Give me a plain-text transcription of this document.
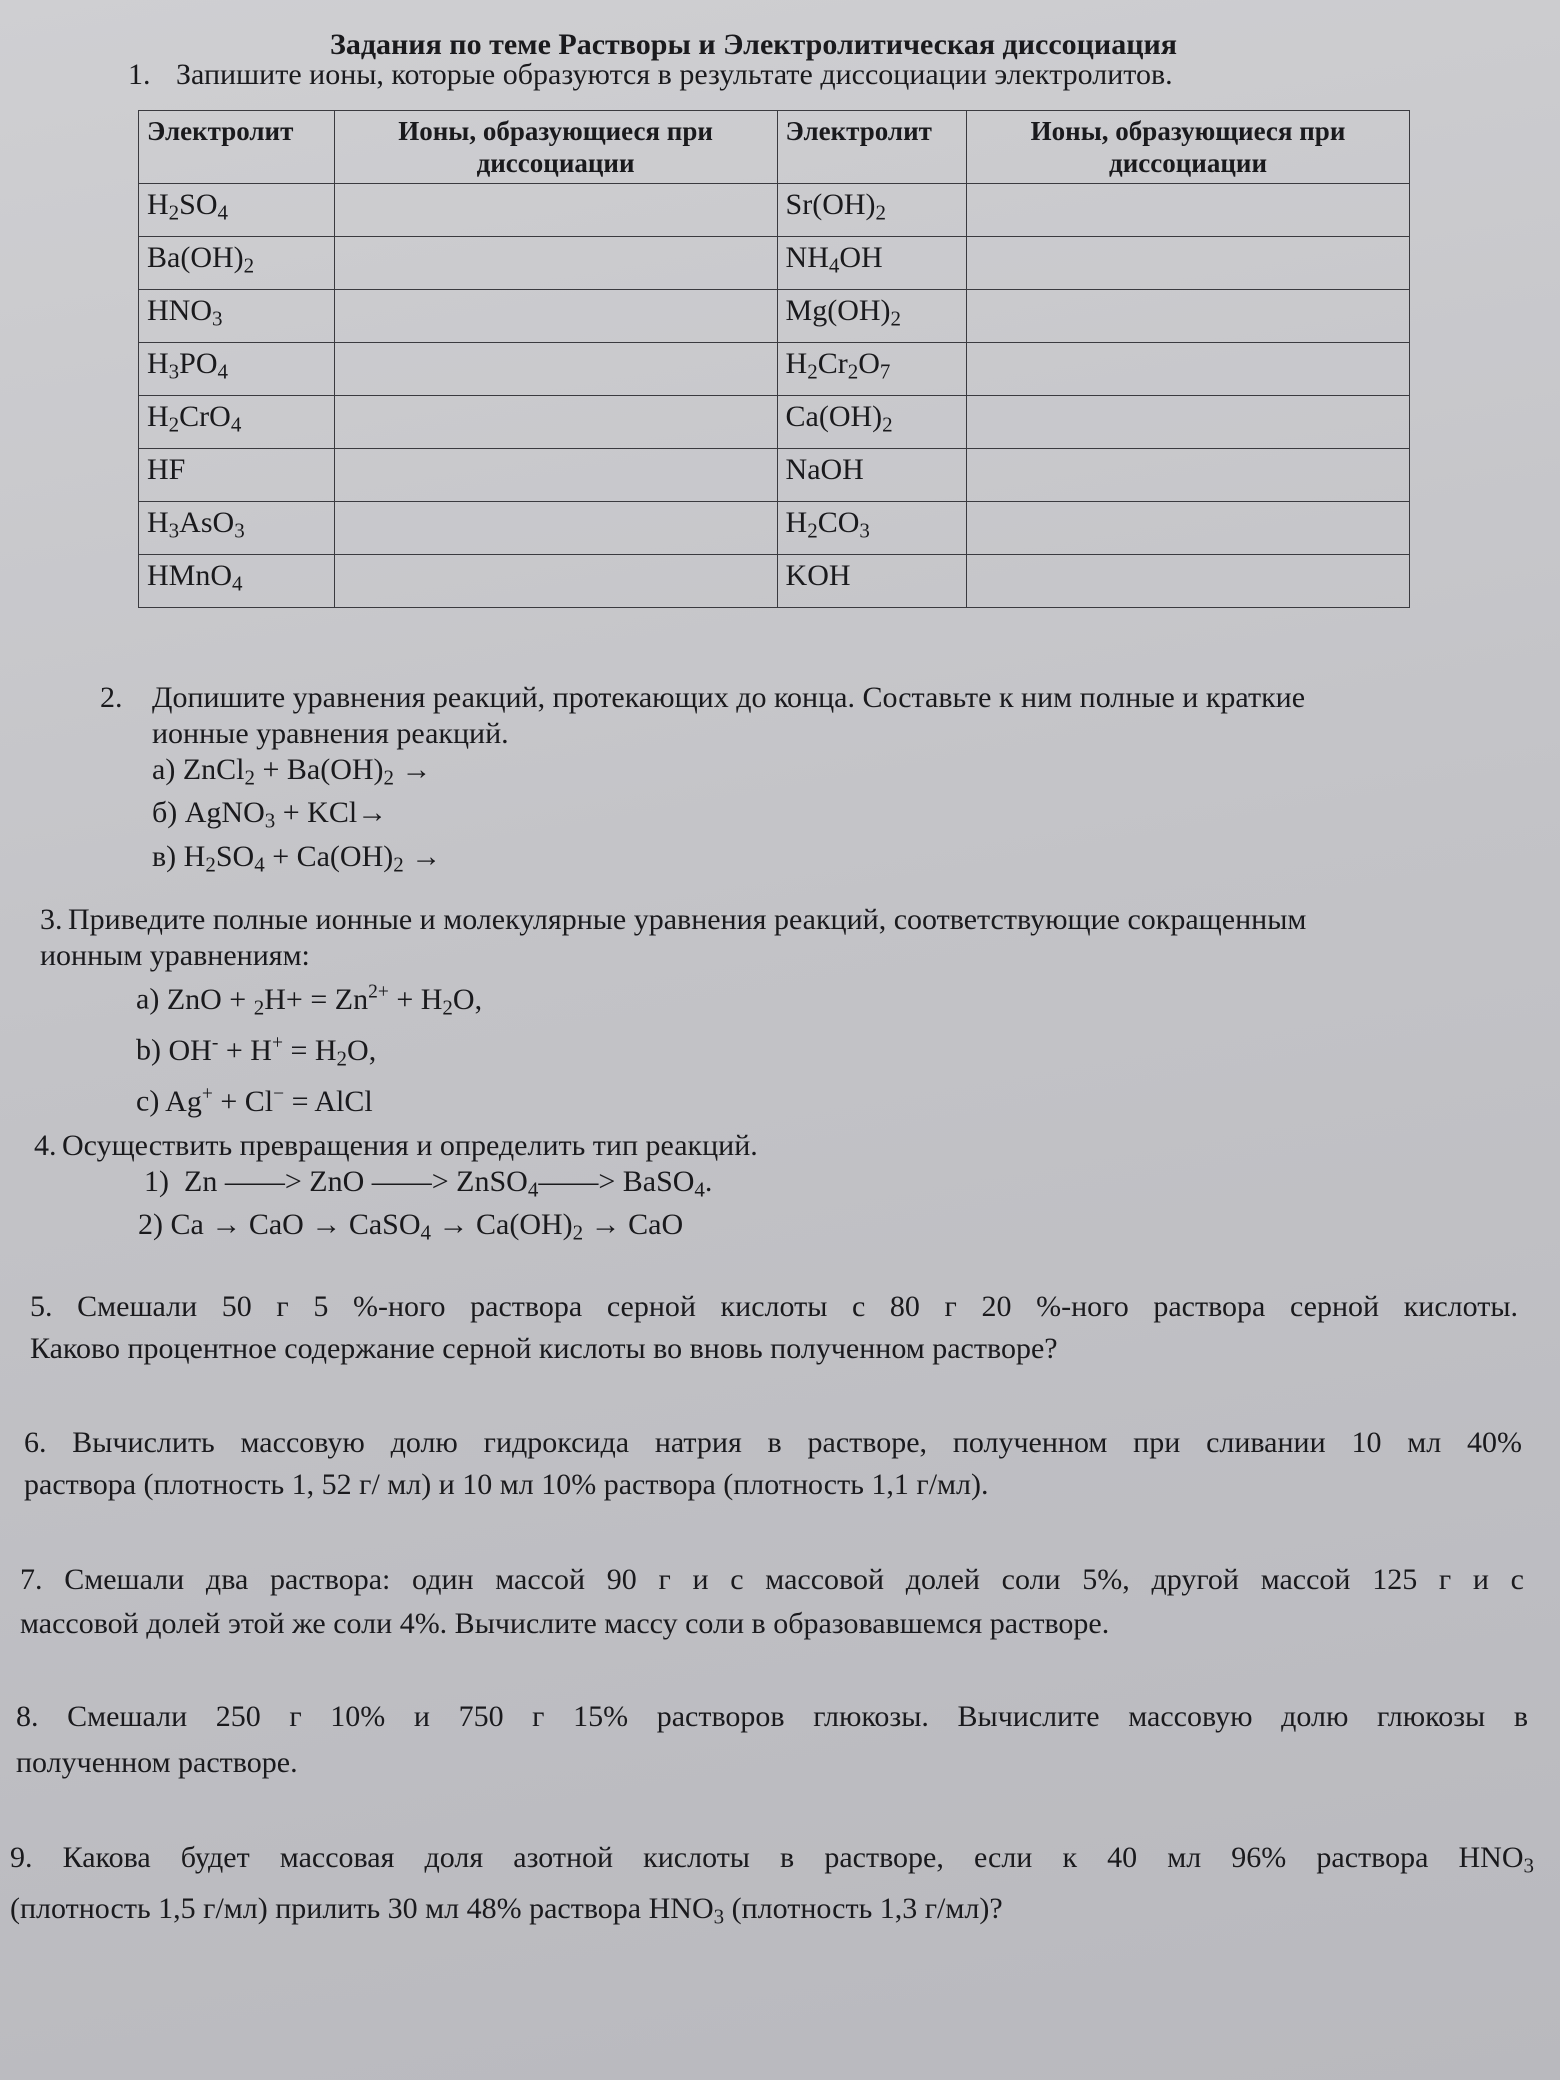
Задания по теме Растворы и Электролитическая диссоциация
1. Запишите ионы, которые образуются в результате диссоциации электролитов.
Электролит	Ионы, образующиеся при диссоциации	Электролит	Ионы, образующиеся при диссоциации
$H_2SO_4$		$Sr(OH)_2$	
$Ba(OH)_2$		$NH_4OH$	
$HNO_3$		$Mg(OH)_2$	
$H_3PO_4$		$H_2Cr_2O_7$	
$H_2CrO_4$		$Ca(OH)_2$	
HF		NaOH	
$H_3AsO_3$		$H_2CO_3$	
HMnO$_4$		KOH	

2. Допишите уравнения реакций, протекающих до конца. Составьте к ним полные и краткие

ионные уравнения реакций.

а) ZnCl$_2$ + $Ba(OH)_2$ →

б) AgNO$_3$ + KCl→

в) $H_2SO_4 + Ca(OH)_2$ →

3. Приведите полные ионные и молекулярные уравнения реакций, соответствующие сокращенным

ионным уравнениям:

a) ZnO + $_2H+ = Zn^{2+} + H_2O$,

b) $OH^- + H^+ = H_2O$,

c) Ag+ + Cl− = AlCl

4. Осуществить превращения и определить тип реакций.

1) Zn ——> ZnO ——> ZnSO$_4$——> BaSO$_4$.

2) Ca → CaO → CaSO$_4$ → $Ca(OH)_2$ → CaO

5. Смешали 50 г 5 %-ного раствора серной кислоты с 80 г 20 %-ного раствора серной кислоты.

Каково процентное содержание серной кислоты во вновь полученном растворе?

6. Вычислить массовую долю гидроксида натрия в растворе, полученном при сливании 10 мл 40%

раствора (плотность 1, 52 г/ мл) и 10 мл 10% раствора (плотность 1,1 г/мл).

7. Смешали два раствора: один массой 90 г и с массовой долей соли 5%, другой массой 125 г и с

массовой долей этой же соли 4%. Вычислите массу соли в образовавшемся растворе.

8. Смешали 250 г 10% и 750 г 15% растворов глюкозы. Вычислите массовую долю глюкозы в

полученном растворе.

9. Какова будет массовая доля азотной кислоты в растворе, если к 40 мл 96% раствора $HNO_3$

(плотность 1,5 г/мл) прилить 30 мл 48% раствора $HNO_3$ (плотность 1,3 г/мл)?
